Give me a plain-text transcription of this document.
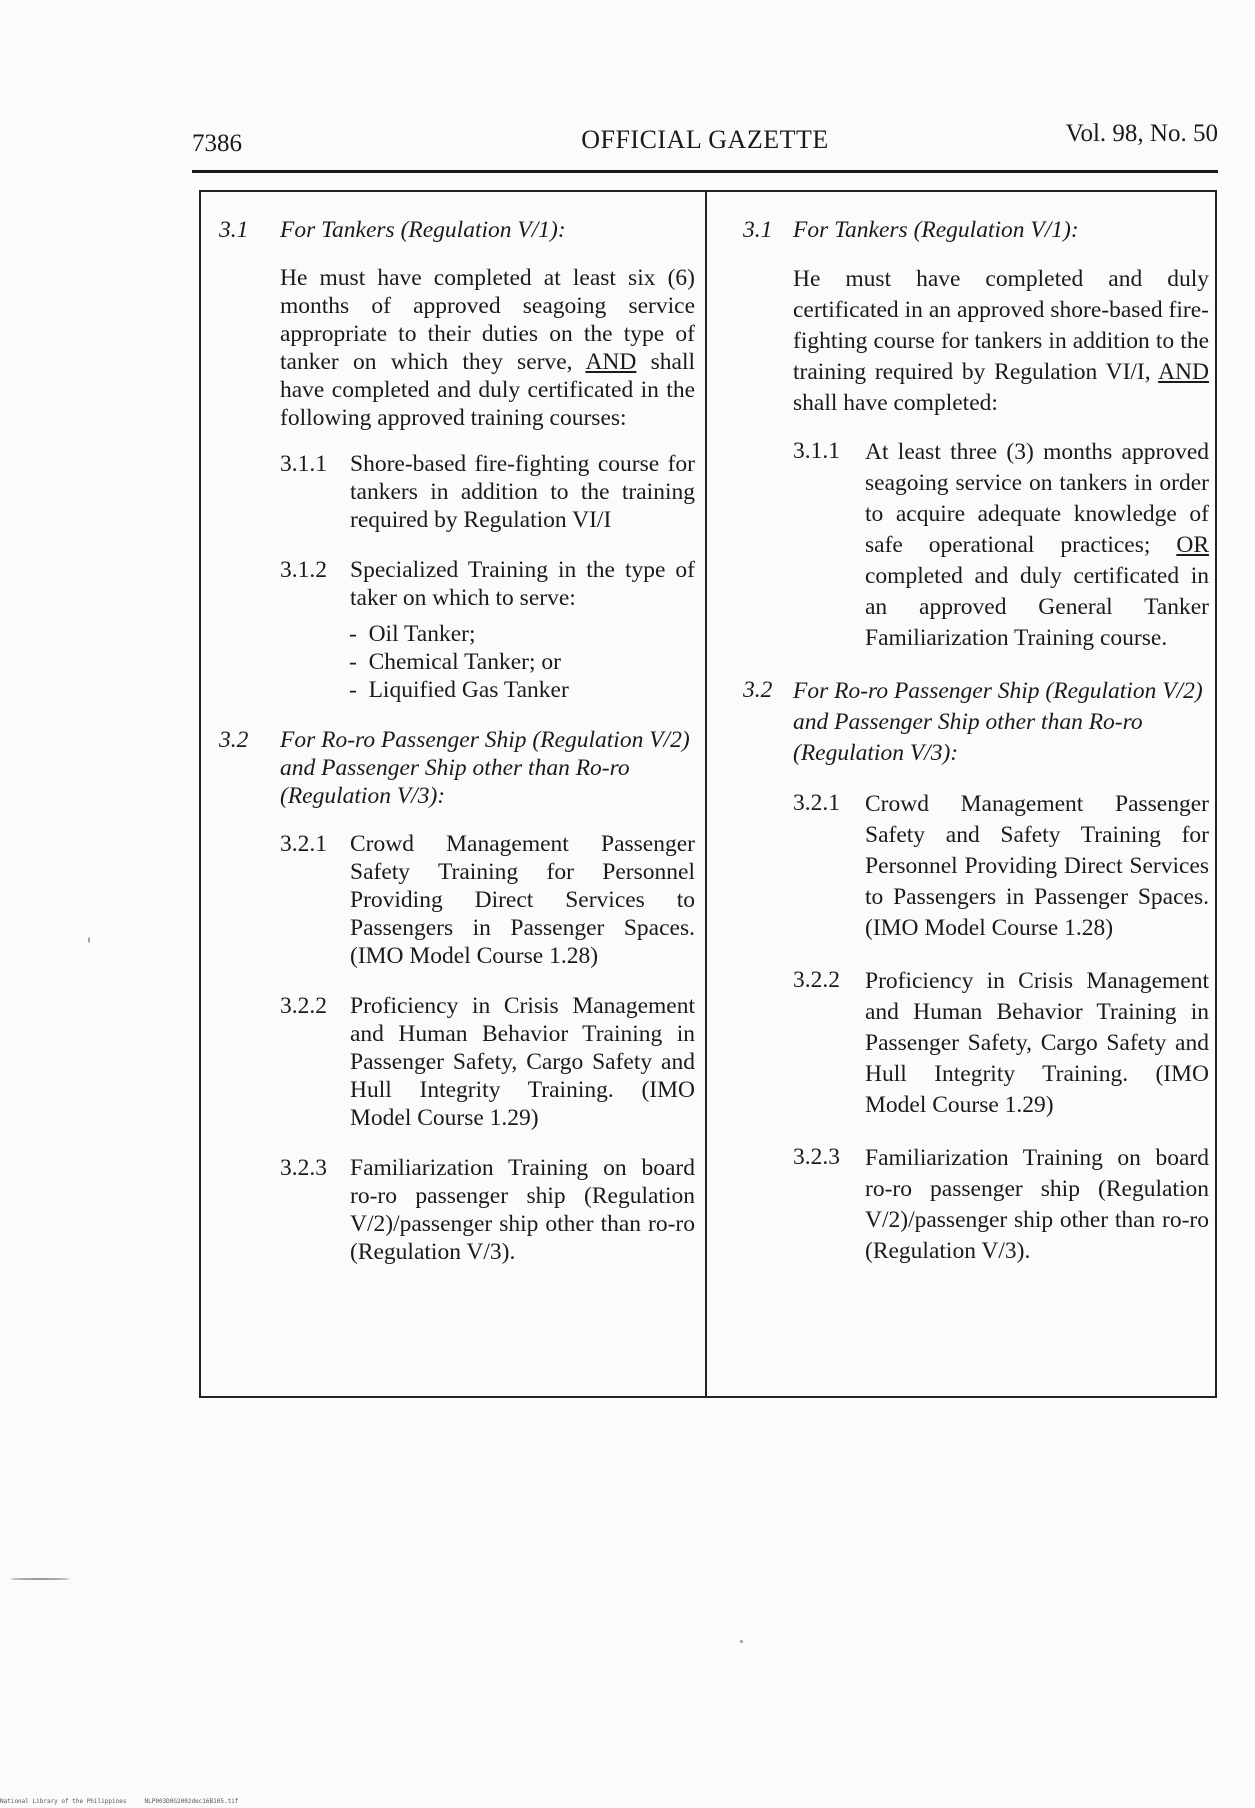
7386	OFFICIAL GAZETTE	Vol. 98, No. 50
3.1 For Tankers (Regulation V/1):
He must have completed at least six (6) months of approved seagoing service appropriate to their duties on the type of tanker on which they serve, AND shall have completed and duly certificated in the following approved training courses:
3.1.1 Shore-based fire-fighting course for tankers in addition to the training required by Regulation VI/I
3.1.2 Specialized Training in the type of taker on which to serve:
- Oil Tanker;
- Chemical Tanker; or
- Liquified Gas Tanker
3.2 For Ro-ro Passenger Ship (Regulation V/2) and Passenger Ship other than Ro-ro (Regulation V/3):
3.2.1 Crowd Management Passenger Safety Training for Personnel Providing Direct Services to Passengers in Passenger Spaces. (IMO Model Course 1.28)
3.2.2 Proficiency in Crisis Management and Human Behavior Training in Passenger Safety, Cargo Safety and Hull Integrity Training. (IMO Model Course 1.29)
3.2.3 Familiarization Training on board ro-ro passenger ship (Regulation V/2)/passenger ship other than ro-ro (Regulation V/3).
3.1 For Tankers (Regulation V/1):
He must have completed and duly certificated in an approved shore-based fire-fighting course for tankers in addition to the training required by Regulation VI/I, AND shall have completed:
3.1.1 At least three (3) months approved seagoing service on tankers in order to acquire adequate knowledge of safe operational practices; OR completed and duly certificated in an approved General Tanker Familiarization Training course.
3.2 For Ro-ro Passenger Ship (Regulation V/2) and Passenger Ship other than Ro-ro (Regulation V/3):
3.2.1 Crowd Management Passenger Safety and Safety Training for Personnel Providing Direct Services to Passengers in Passenger Spaces. (IMO Model Course 1.28)
3.2.2 Proficiency in Crisis Management and Human Behavior Training in Passenger Safety, Cargo Safety and Hull Integrity Training. (IMO Model Course 1.29)
3.2.3 Familiarization Training on board ro-ro passenger ship (Regulation V/2)/passenger ship other than ro-ro (Regulation V/3).
National Library of the Philippines	NLP003D0G2002dec16B105.tif
